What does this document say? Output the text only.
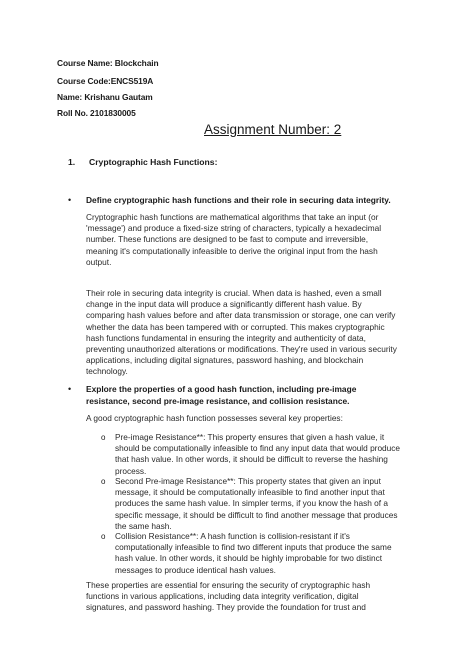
Course Name: Blockchain
Course Code:ENCS519A
Name: Krishanu Gautam
Roll No. 2101830005
Assignment Number: 2
1. Cryptographic Hash Functions:
• Define cryptographic hash functions and their role in securing data integrity.
Cryptographic hash functions are mathematical algorithms that take an input (or
'message') and produce a fixed-size string of characters, typically a hexadecimal
number. These functions are designed to be fast to compute and irreversible,
meaning it's computationally infeasible to derive the original input from the hash
output.
Their role in securing data integrity is crucial. When data is hashed, even a small
change in the input data will produce a significantly different hash value. By
comparing hash values before and after data transmission or storage, one can verify
whether the data has been tampered with or corrupted. This makes cryptographic
hash functions fundamental in ensuring the integrity and authenticity of data,
preventing unauthorized alterations or modifications. They're used in various security
applications, including digital signatures, password hashing, and blockchain
technology.
• Explore the properties of a good hash function, including pre-image
resistance, second pre-image resistance, and collision resistance.
A good cryptographic hash function possesses several key properties:
o Pre-image Resistance**: This property ensures that given a hash value, it
should be computationally infeasible to find any input data that would produce
that hash value. In other words, it should be difficult to reverse the hashing
process.
o Second Pre-image Resistance**: This property states that given an input
message, it should be computationally infeasible to find another input that
produces the same hash value. In simpler terms, if you know the hash of a
specific message, it should be difficult to find another message that produces
the same hash.
o Collision Resistance**: A hash function is collision-resistant if it's
computationally infeasible to find two different inputs that produce the same
hash value. In other words, it should be highly improbable for two distinct
messages to produce identical hash values.
These properties are essential for ensuring the security of cryptographic hash
functions in various applications, including data integrity verification, digital
signatures, and password hashing. They provide the foundation for trust and
